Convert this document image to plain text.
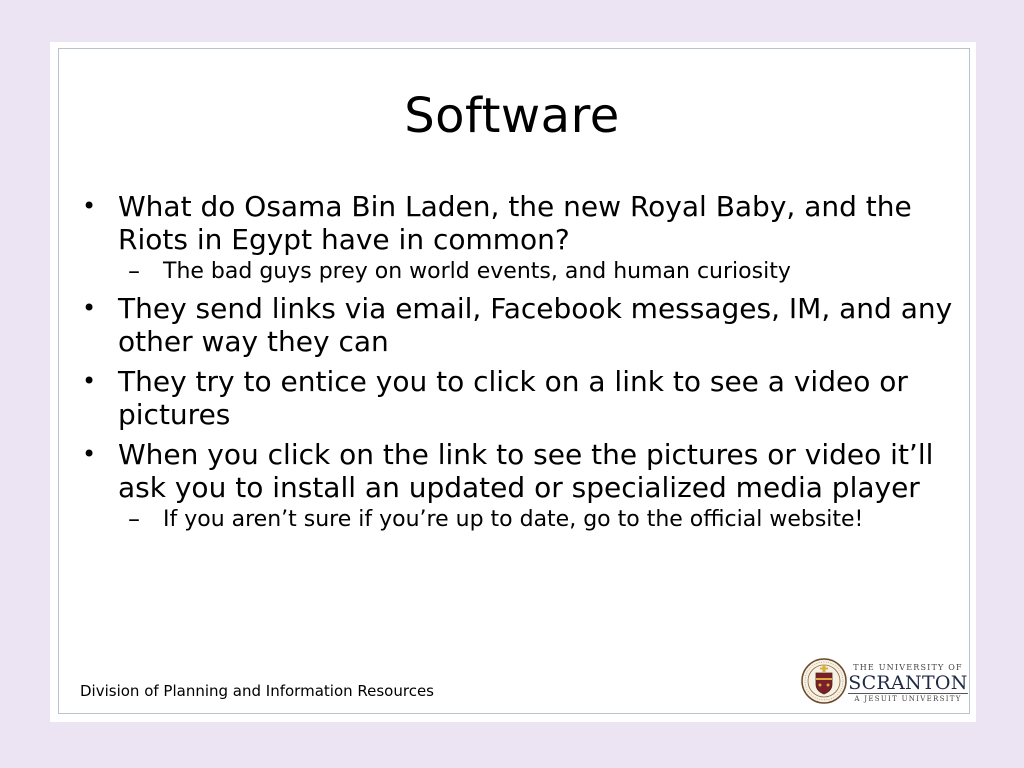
Software
• What do Osama Bin Laden, the new Royal Baby, and the Riots in Egypt have in common?
– The bad guys prey on world events, and human curiosity
• They send links via email, Facebook messages, IM, and any other way they can
• They try to entice you to click on a link to see a video or pictures
• When you click on the link to see the pictures or video it’ll ask you to install an updated or specialized media player
– If you aren’t sure if you’re up to date, go to the official website!
Division of Planning and Information Resources
THE UNIVERSITY OF
SCRANTON
A JESUIT UNIVERSITY
